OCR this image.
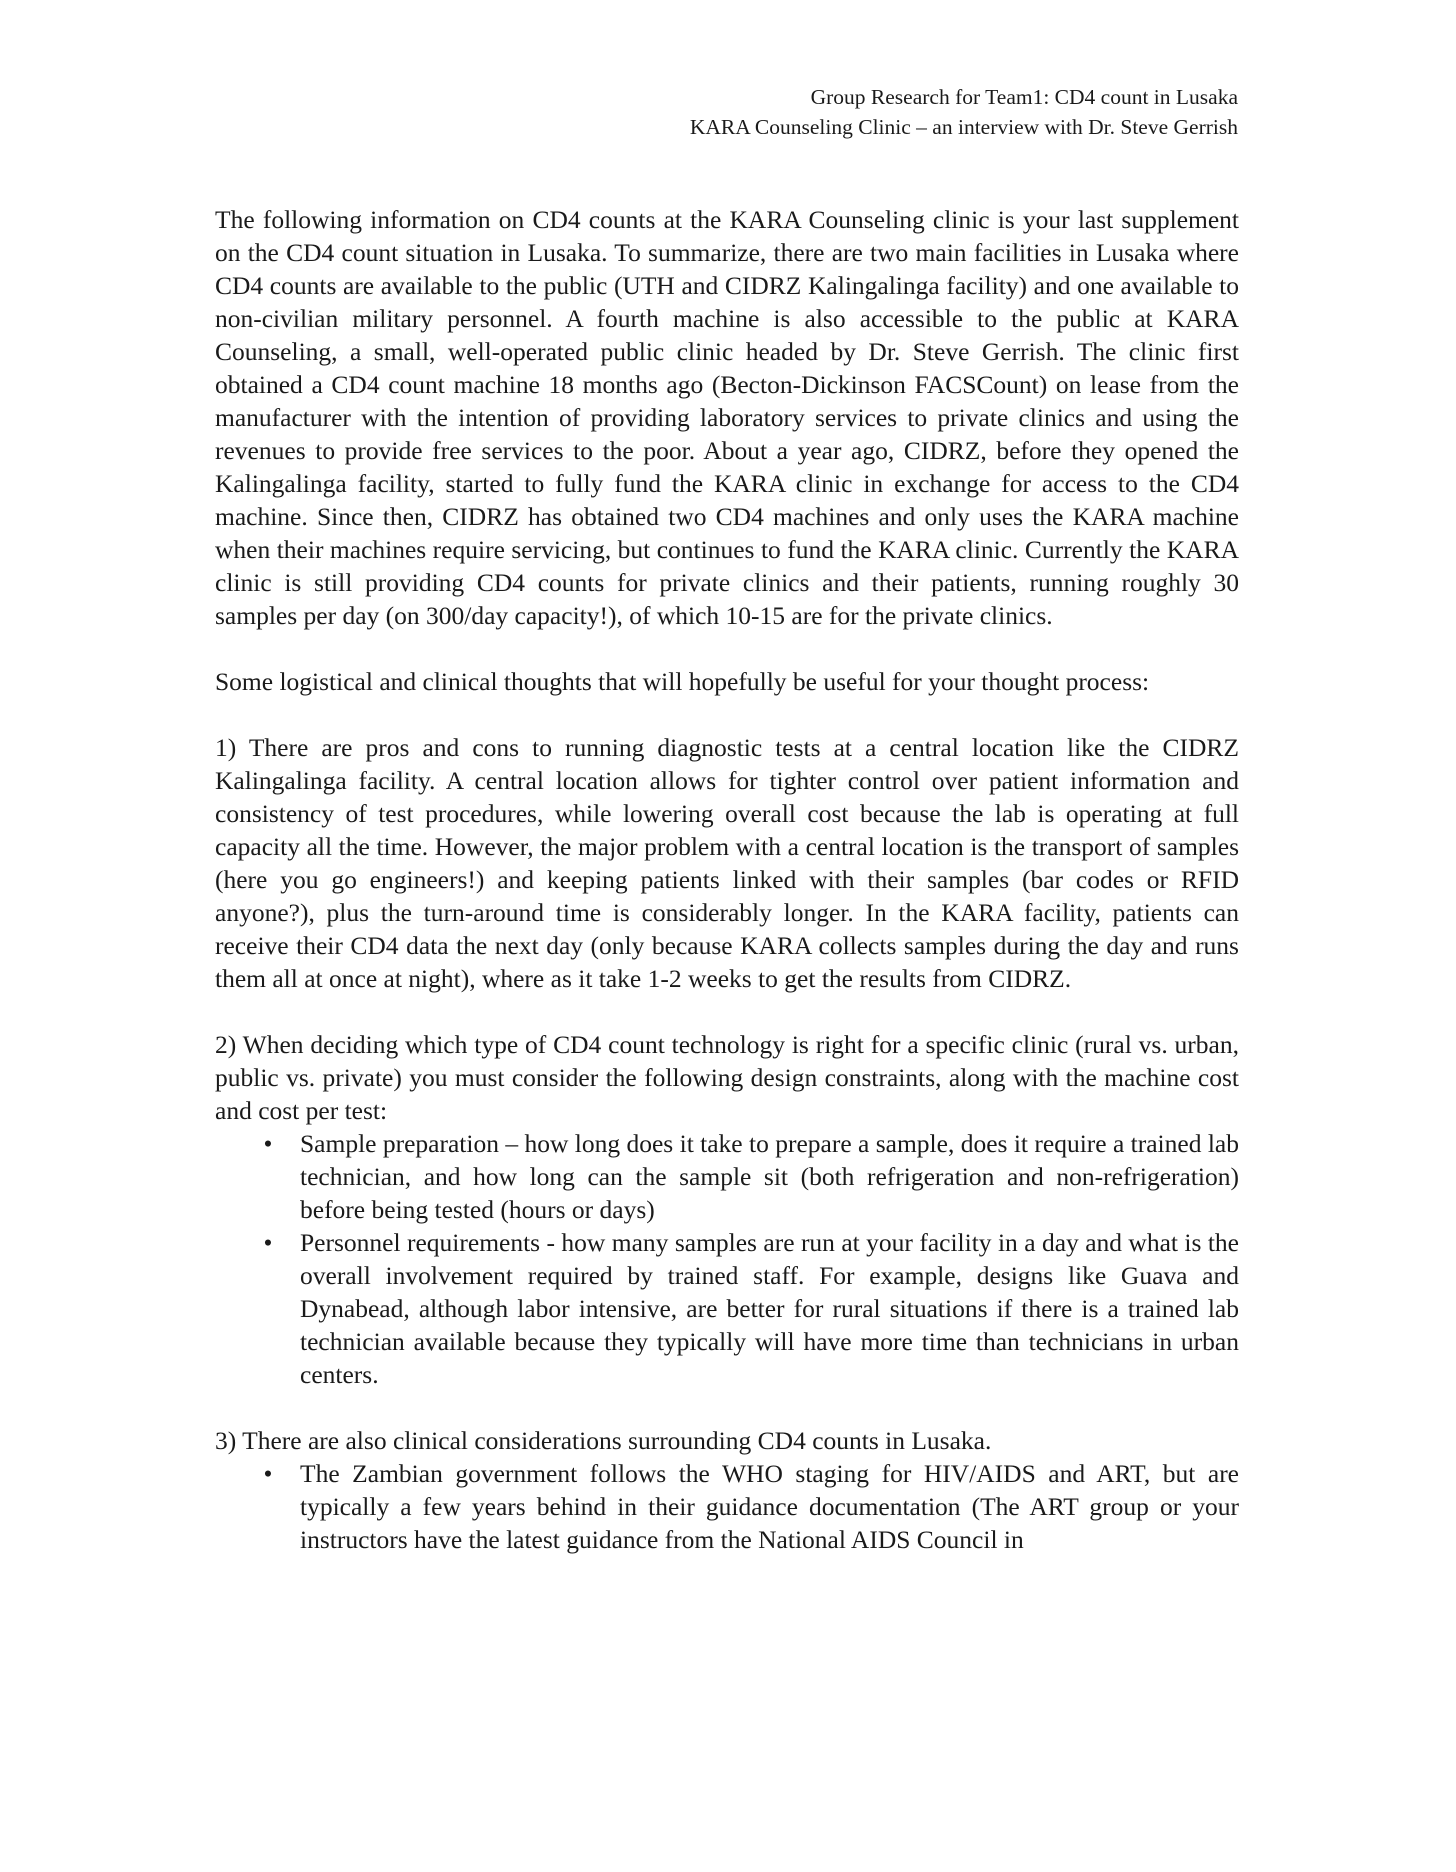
Group Research for Team1: CD4 count in Lusaka
KARA Counseling Clinic – an interview with Dr. Steve Gerrish

The following information on CD4 counts at the KARA Counseling clinic is your last supplement on the CD4 count situation in Lusaka. To summarize, there are two main facilities in Lusaka where CD4 counts are available to the public (UTH and CIDRZ Kalingalinga facility) and one available to non-civilian military personnel. A fourth machine is also accessible to the public at KARA Counseling, a small, well-operated public clinic headed by Dr. Steve Gerrish. The clinic first obtained a CD4 count machine 18 months ago (Becton-Dickinson FACSCount) on lease from the manufacturer with the intention of providing laboratory services to private clinics and using the revenues to provide free services to the poor. About a year ago, CIDRZ, before they opened the Kalingalinga facility, started to fully fund the KARA clinic in exchange for access to the CD4 machine. Since then, CIDRZ has obtained two CD4 machines and only uses the KARA machine when their machines require servicing, but continues to fund the KARA clinic. Currently the KARA clinic is still providing CD4 counts for private clinics and their patients, running roughly 30 samples per day (on 300/day capacity!), of which 10-15 are for the private clinics.

Some logistical and clinical thoughts that will hopefully be useful for your thought process:

1) There are pros and cons to running diagnostic tests at a central location like the CIDRZ Kalingalinga facility. A central location allows for tighter control over patient information and consistency of test procedures, while lowering overall cost because the lab is operating at full capacity all the time. However, the major problem with a central location is the transport of samples (here you go engineers!) and keeping patients linked with their samples (bar codes or RFID anyone?), plus the turn-around time is considerably longer. In the KARA facility, patients can receive their CD4 data the next day (only because KARA collects samples during the day and runs them all at once at night), where as it take 1-2 weeks to get the results from CIDRZ.

2) When deciding which type of CD4 count technology is right for a specific clinic (rural vs. urban, public vs. private) you must consider the following design constraints, along with the machine cost and cost per test:

• Sample preparation – how long does it take to prepare a sample, does it require a trained lab technician, and how long can the sample sit (both refrigeration and non-refrigeration) before being tested (hours or days)
• Personnel requirements - how many samples are run at your facility in a day and what is the overall involvement required by trained staff. For example, designs like Guava and Dynabead, although labor intensive, are better for rural situations if there is a trained lab technician available because they typically will have more time than technicians in urban centers.

3) There are also clinical considerations surrounding CD4 counts in Lusaka.

• The Zambian government follows the WHO staging for HIV/AIDS and ART, but are typically a few years behind in their guidance documentation (The ART group or your instructors have the latest guidance from the National AIDS Council in
